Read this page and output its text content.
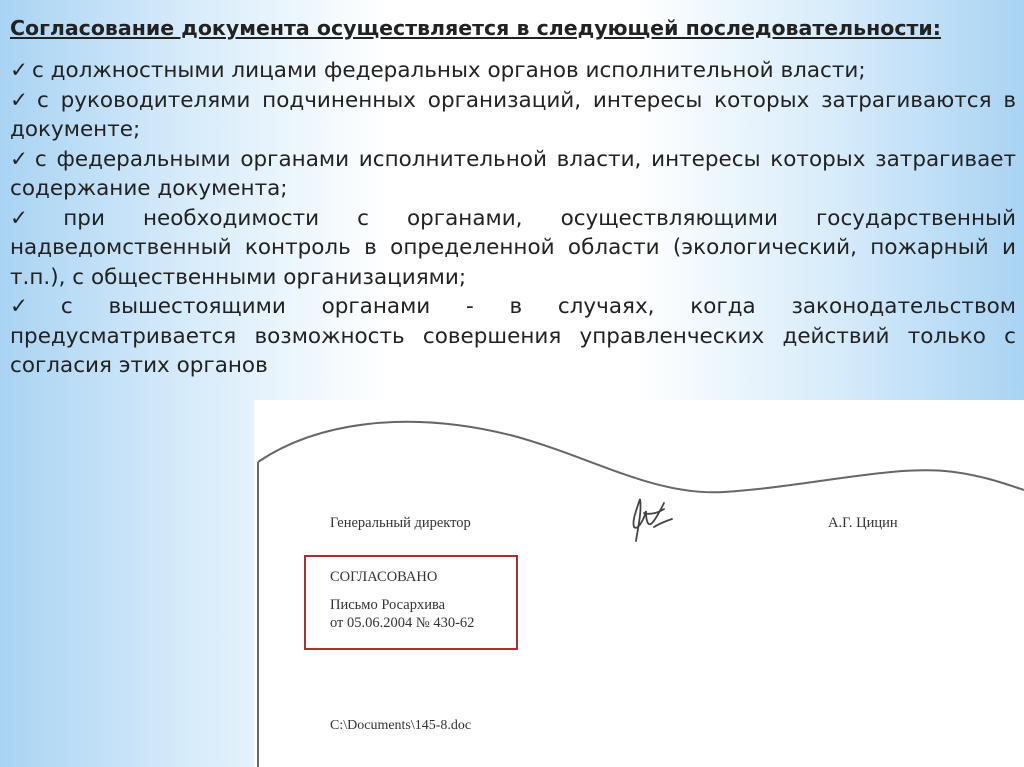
Согласование документа осуществляется в следующей последовательности:
✓ с должностными лицами федеральных органов исполнительной власти;
✓ с руководителями подчиненных организаций, интересы которых затрагиваются в документе;
✓ с федеральными органами исполнительной власти, интересы которых затрагивает содержание документа;
✓ при необходимости с органами, осуществляющими государственный надведомственный контроль в определенной области (экологический, пожарный и т.п.), с общественными организациями;
✓ с вышестоящими органами - в случаях, когда законодательством предусматривается возможность совершения управленческих действий только с согласия этих органов
Генеральный директор	А.Г. Цицин
СОГЛАСОВАНО
Письмо Росархива
от 05.06.2004 № 430-62
C:\Documents\145-8.doc
